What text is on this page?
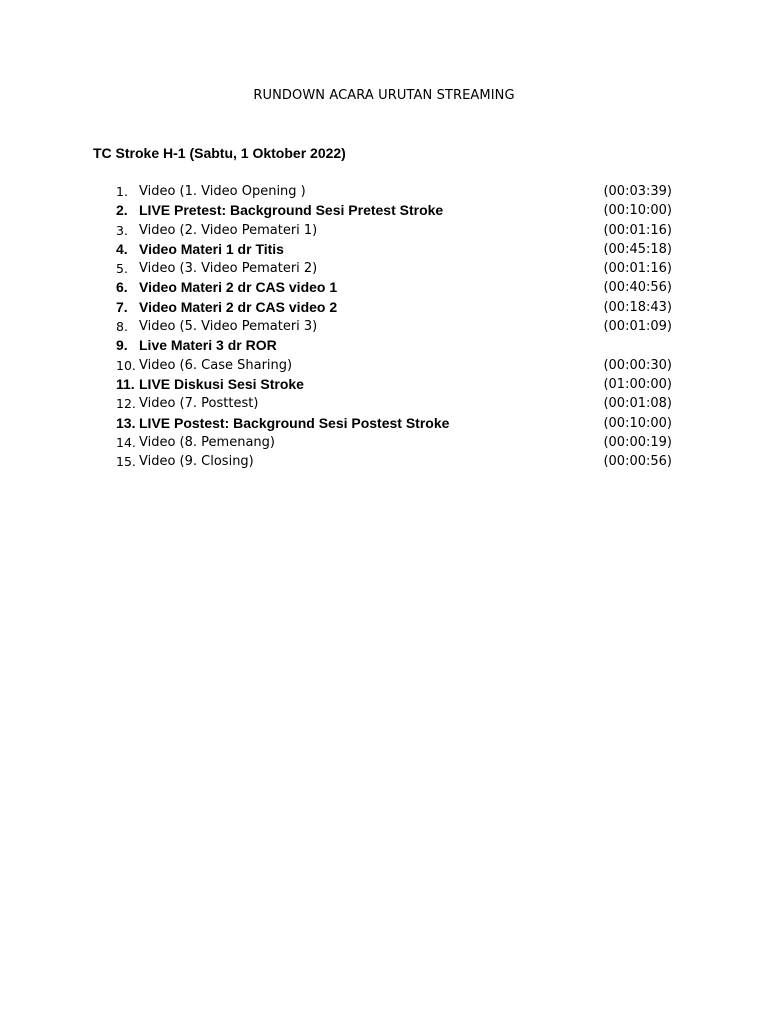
RUNDOWN ACARA URUTAN STREAMING
TC Stroke H-1 (Sabtu, 1 Oktober 2022)
1. Video (1. Video Opening )	(00:03:39)
2. LIVE Pretest: Background Sesi Pretest Stroke	(00:10:00)
3. Video (2. Video Pemateri 1)	(00:01:16)
4. Video Materi 1 dr Titis	(00:45:18)
5. Video (3. Video Pemateri 2)	(00:01:16)
6. Video Materi 2 dr CAS video 1	(00:40:56)
7. Video Materi 2 dr CAS video 2	(00:18:43)
8. Video (5. Video Pemateri 3)	(00:01:09)
9. Live Materi 3 dr ROR
10. Video (6. Case Sharing)	(00:00:30)
11. LIVE Diskusi Sesi Stroke	(01:00:00)
12. Video (7. Posttest)	(00:01:08)
13. LIVE Postest: Background Sesi Postest Stroke	(00:10:00)
14. Video (8. Pemenang)	(00:00:19)
15. Video (9. Closing)	(00:00:56)
